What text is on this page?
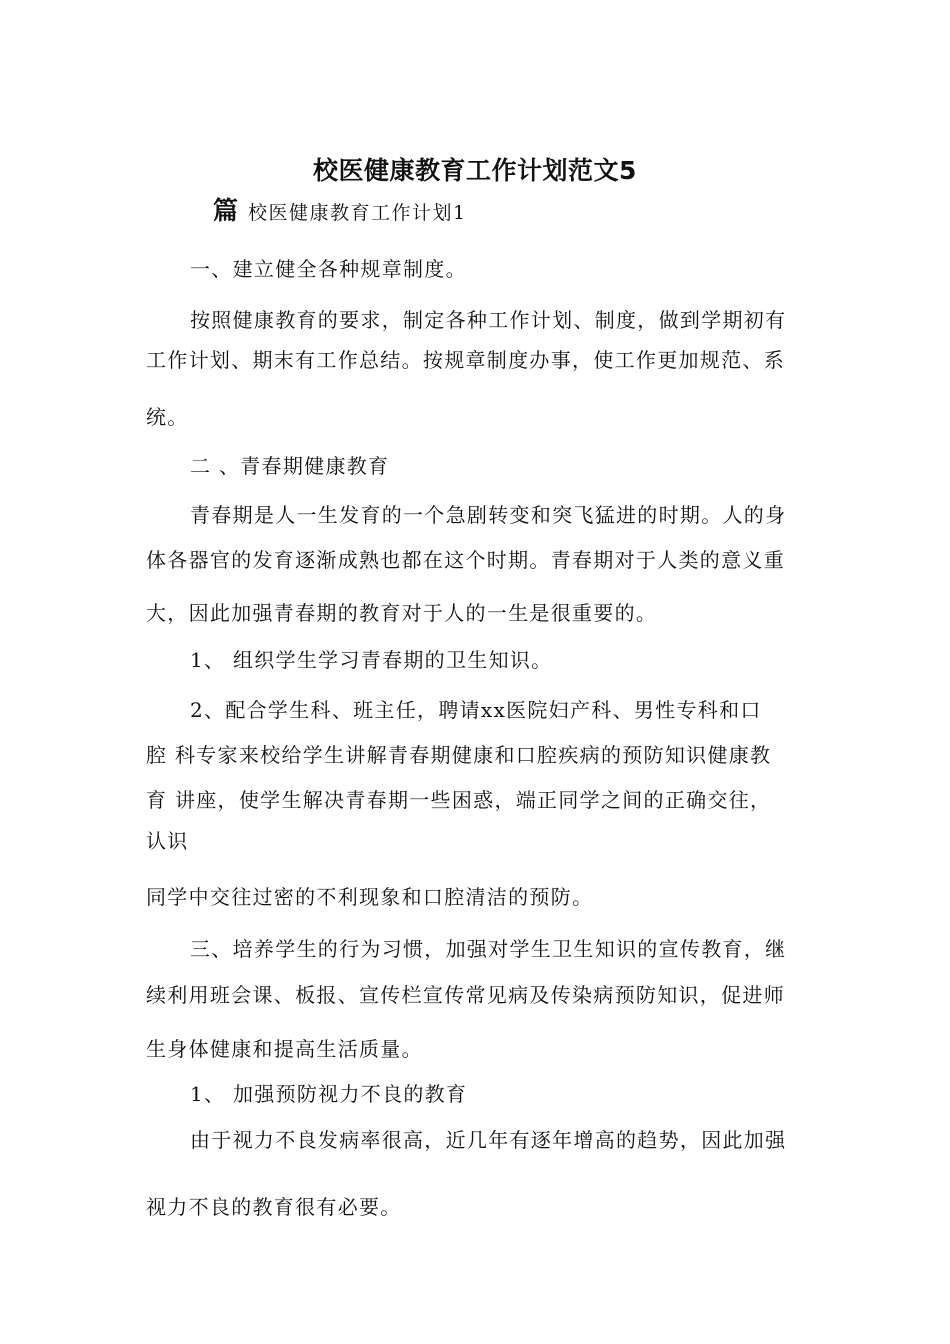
校医健康教育工作计划范文5
篇 校医健康教育工作计划1
一、建立健全各种规章制度。
按照健康教育的要求，制定各种工作计划、制度，做到学期初有
工作计划、期末有工作总结。按规章制度办事，使工作更加规范、系
统。
二 、青春期健康教育
青春期是人一生发育的一个急剧转变和突飞猛进的时期。人的身
体各器官的发育逐渐成熟也都在这个时期。青春期对于人类的意义重
大，因此加强青春期的教育对于人的一生是很重要的。
1、 组织学生学习青春期的卫生知识。
2、配合学生科、班主任，聘请xx医院妇产科、男性专科和口
腔 科专家来校给学生讲解青春期健康和口腔疾病的预防知识健康教
育 讲座，使学生解决青春期一些困惑，端正同学之间的正确交往，
认识
同学中交往过密的不利现象和口腔清洁的预防。
三、培养学生的行为习惯，加强对学生卫生知识的宣传教育，继
续利用班会课、板报、宣传栏宣传常见病及传染病预防知识，促进师
生身体健康和提高生活质量。
1、 加强预防视力不良的教育
由于视力不良发病率很高，近几年有逐年增高的趋势，因此加强
视力不良的教育很有必要。
